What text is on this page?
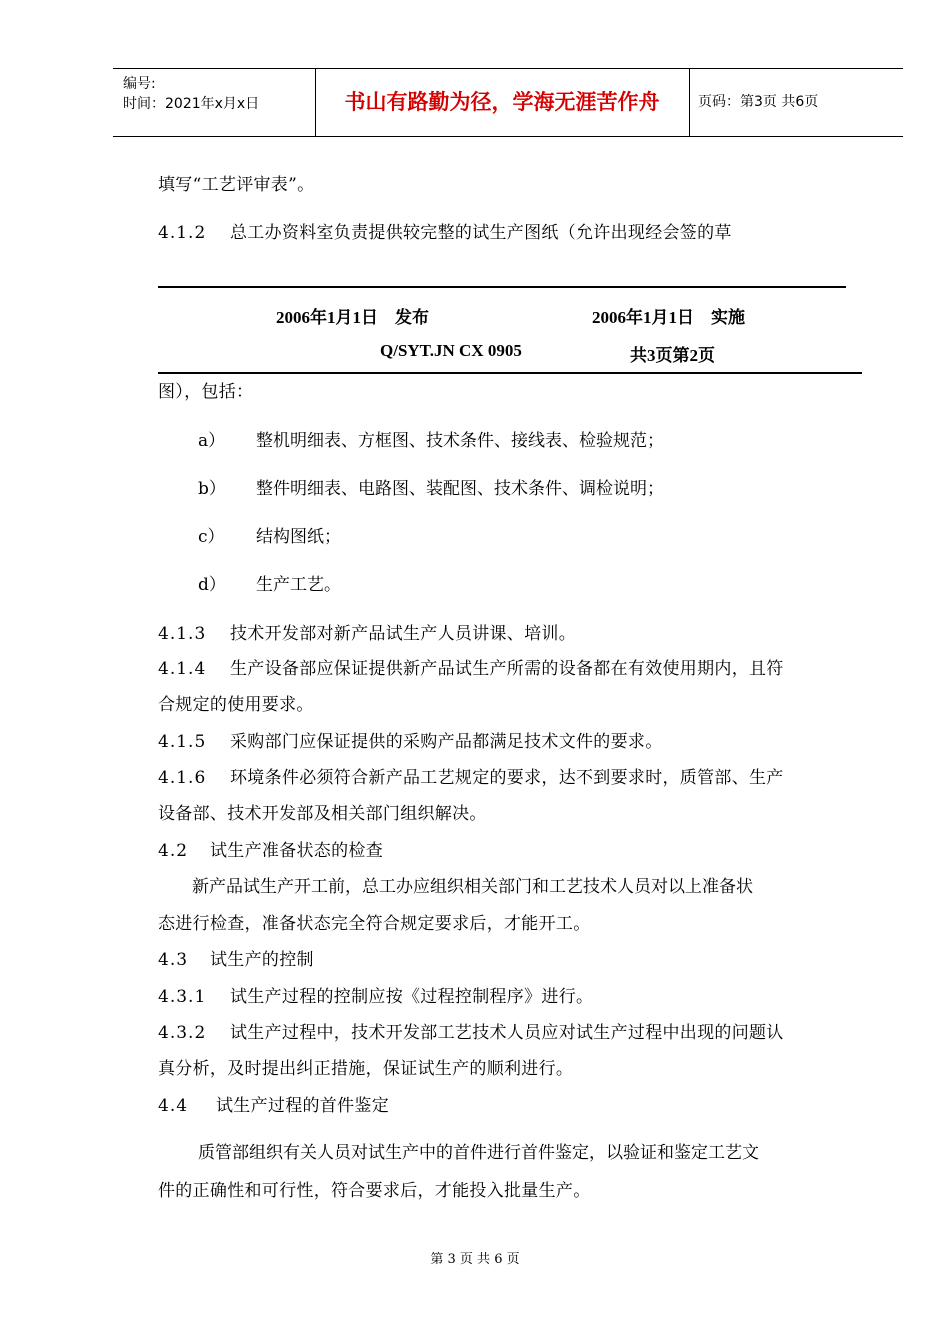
编号:
时间：2021年x月x日	书山有路勤为径，学海无涯苦作舟	页码：第3页 共6页
填写“工艺评审表”。
4.1.2 总工办资料室负责提供较完整的试生产图纸（允许出现经会签的草
2006年1月1日　发布	2006年1月1日　实施
Q/SYT.JN CX 0905	共3页第2页
图），包括：
a） 整机明细表、方框图、技术条件、接线表、检验规范；
b） 整件明细表、电路图、装配图、技术条件、调检说明；
c） 结构图纸；
d） 生产工艺。
4.1.3 技术开发部对新产品试生产人员讲课、培训。
4.1.4 生产设备部应保证提供新产品试生产所需的设备都在有效使用期内，且符
合规定的使用要求。
4.1.5 采购部门应保证提供的采购产品都满足技术文件的要求。
4.1.6 环境条件必须符合新产品工艺规定的要求，达不到要求时，质管部、生产
设备部、技术开发部及相关部门组织解决。
4.2 试生产准备状态的检查
新产品试生产开工前，总工办应组织相关部门和工艺技术人员对以上准备状
态进行检查，准备状态完全符合规定要求后，才能开工。
4.3 试生产的控制
4.3.1 试生产过程的控制应按《过程控制程序》进行。
4.3.2 试生产过程中，技术开发部工艺技术人员应对试生产过程中出现的问题认
真分析，及时提出纠正措施，保证试生产的顺利进行。
4.4 试生产过程的首件鉴定
质管部组织有关人员对试生产中的首件进行首件鉴定，以验证和鉴定工艺文
件的正确性和可行性，符合要求后，才能投入批量生产。
第 3 页 共 6 页
